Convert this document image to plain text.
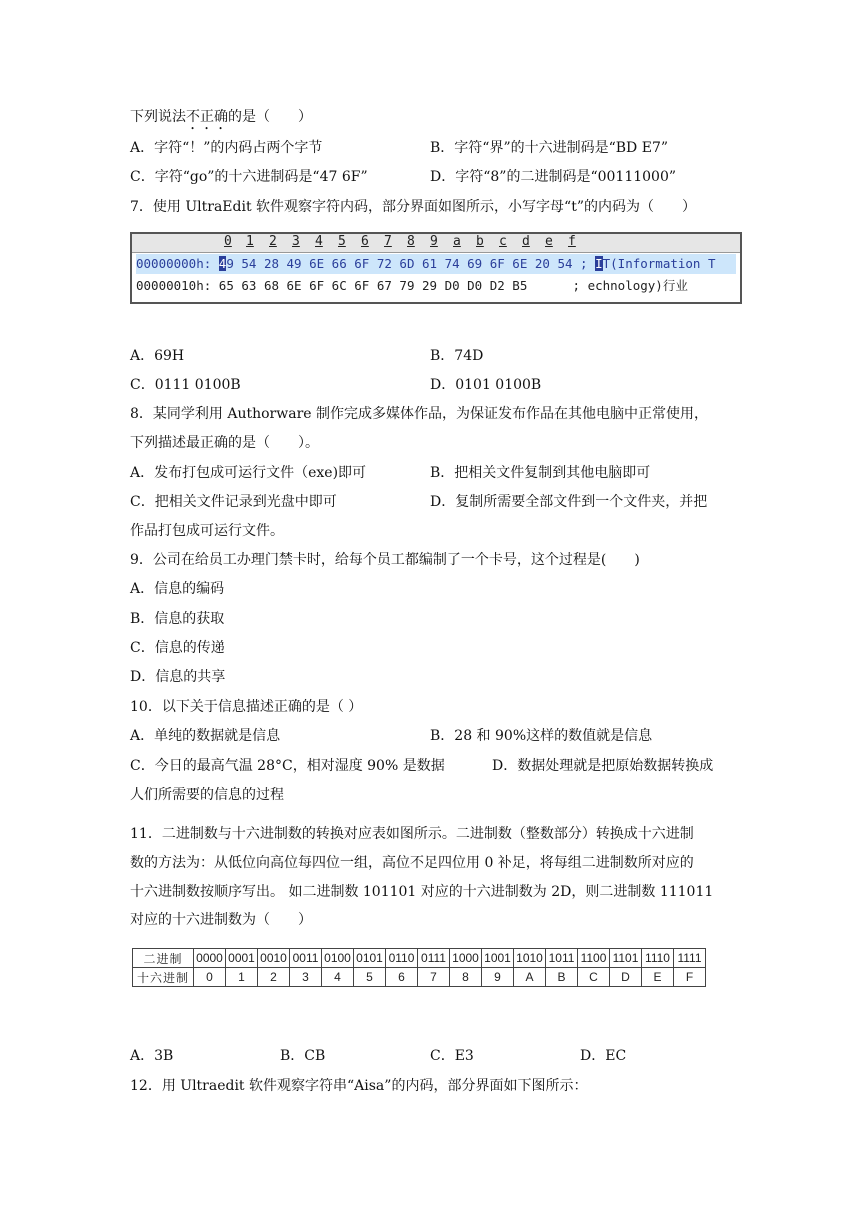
下列说法不正确的是（　　）
A．字符“！”的内码占两个字节	B．字符“界”的十六进制码是“BD E7”
C．字符“go”的十六进制码是“47 6F”	D．字符“8”的二进制码是“00111000”
7．使用 UltraEdit 软件观察字符内码，部分界面如图所示，小写字母“t”的内码为（　　）
0 1 2 3 4 5 6 7 8 9 a b c d e f
00000000h: 49 54 28 49 6E 66 6F 72 6D 61 74 69 6F 6E 20 54 ; IT(Information T
00000010h: 65 63 68 6E 6F 6C 6F 67 79 29 D0 D0 D2 B5	; echnology)行业
A．69H	B．74D
C．0111 0100B	D．0101 0100B
8．某同学利用 Authorware 制作完成多媒体作品，为保证发布作品在其他电脑中正常使用，
下列描述最正确的是（　　）。
A．发布打包成可运行文件（exe)即可	B．把相关文件复制到其他电脑即可
C．把相关文件记录到光盘中即可	D．复制所需要全部文件到一个文件夹，并把
作品打包成可运行文件。
9．公司在给员工办理门禁卡时，给每个员工都编制了一个卡号，这个过程是(　　)
A．信息的编码
B．信息的获取
C．信息的传递
D．信息的共享
10．以下关于信息描述正确的是（ ）
A．单纯的数据就是信息	B．28 和 90%这样的数值就是信息
C．今日的最高气温 28°C，相对湿度 90% 是数据	D．数据处理就是把原始数据转换成
人们所需要的信息的过程
11．二进制数与十六进制数的转换对应表如图所示。二进制数（整数部分）转换成十六进制
数的方法为：从低位向高位每四位一组，高位不足四位用 0 补足，将每组二进制数所对应的
十六进制数按顺序写出。 如二进制数 101101 对应的十六进制数为 2D，则二进制数 111011
对应的十六进制数为（　　）
二进制	0000	0001	0010	0011	0100	0101	0110	0111	1000	1001	1010	1011	1100	1101	1110	1111
十六进制	0	1	2	3	4	5	6	7	8	9	A	B	C	D	E	F
A．3B	B．CB	C．E3	D．EC
12．用 Ultraedit 软件观察字符串“Aisa”的内码，部分界面如下图所示：
